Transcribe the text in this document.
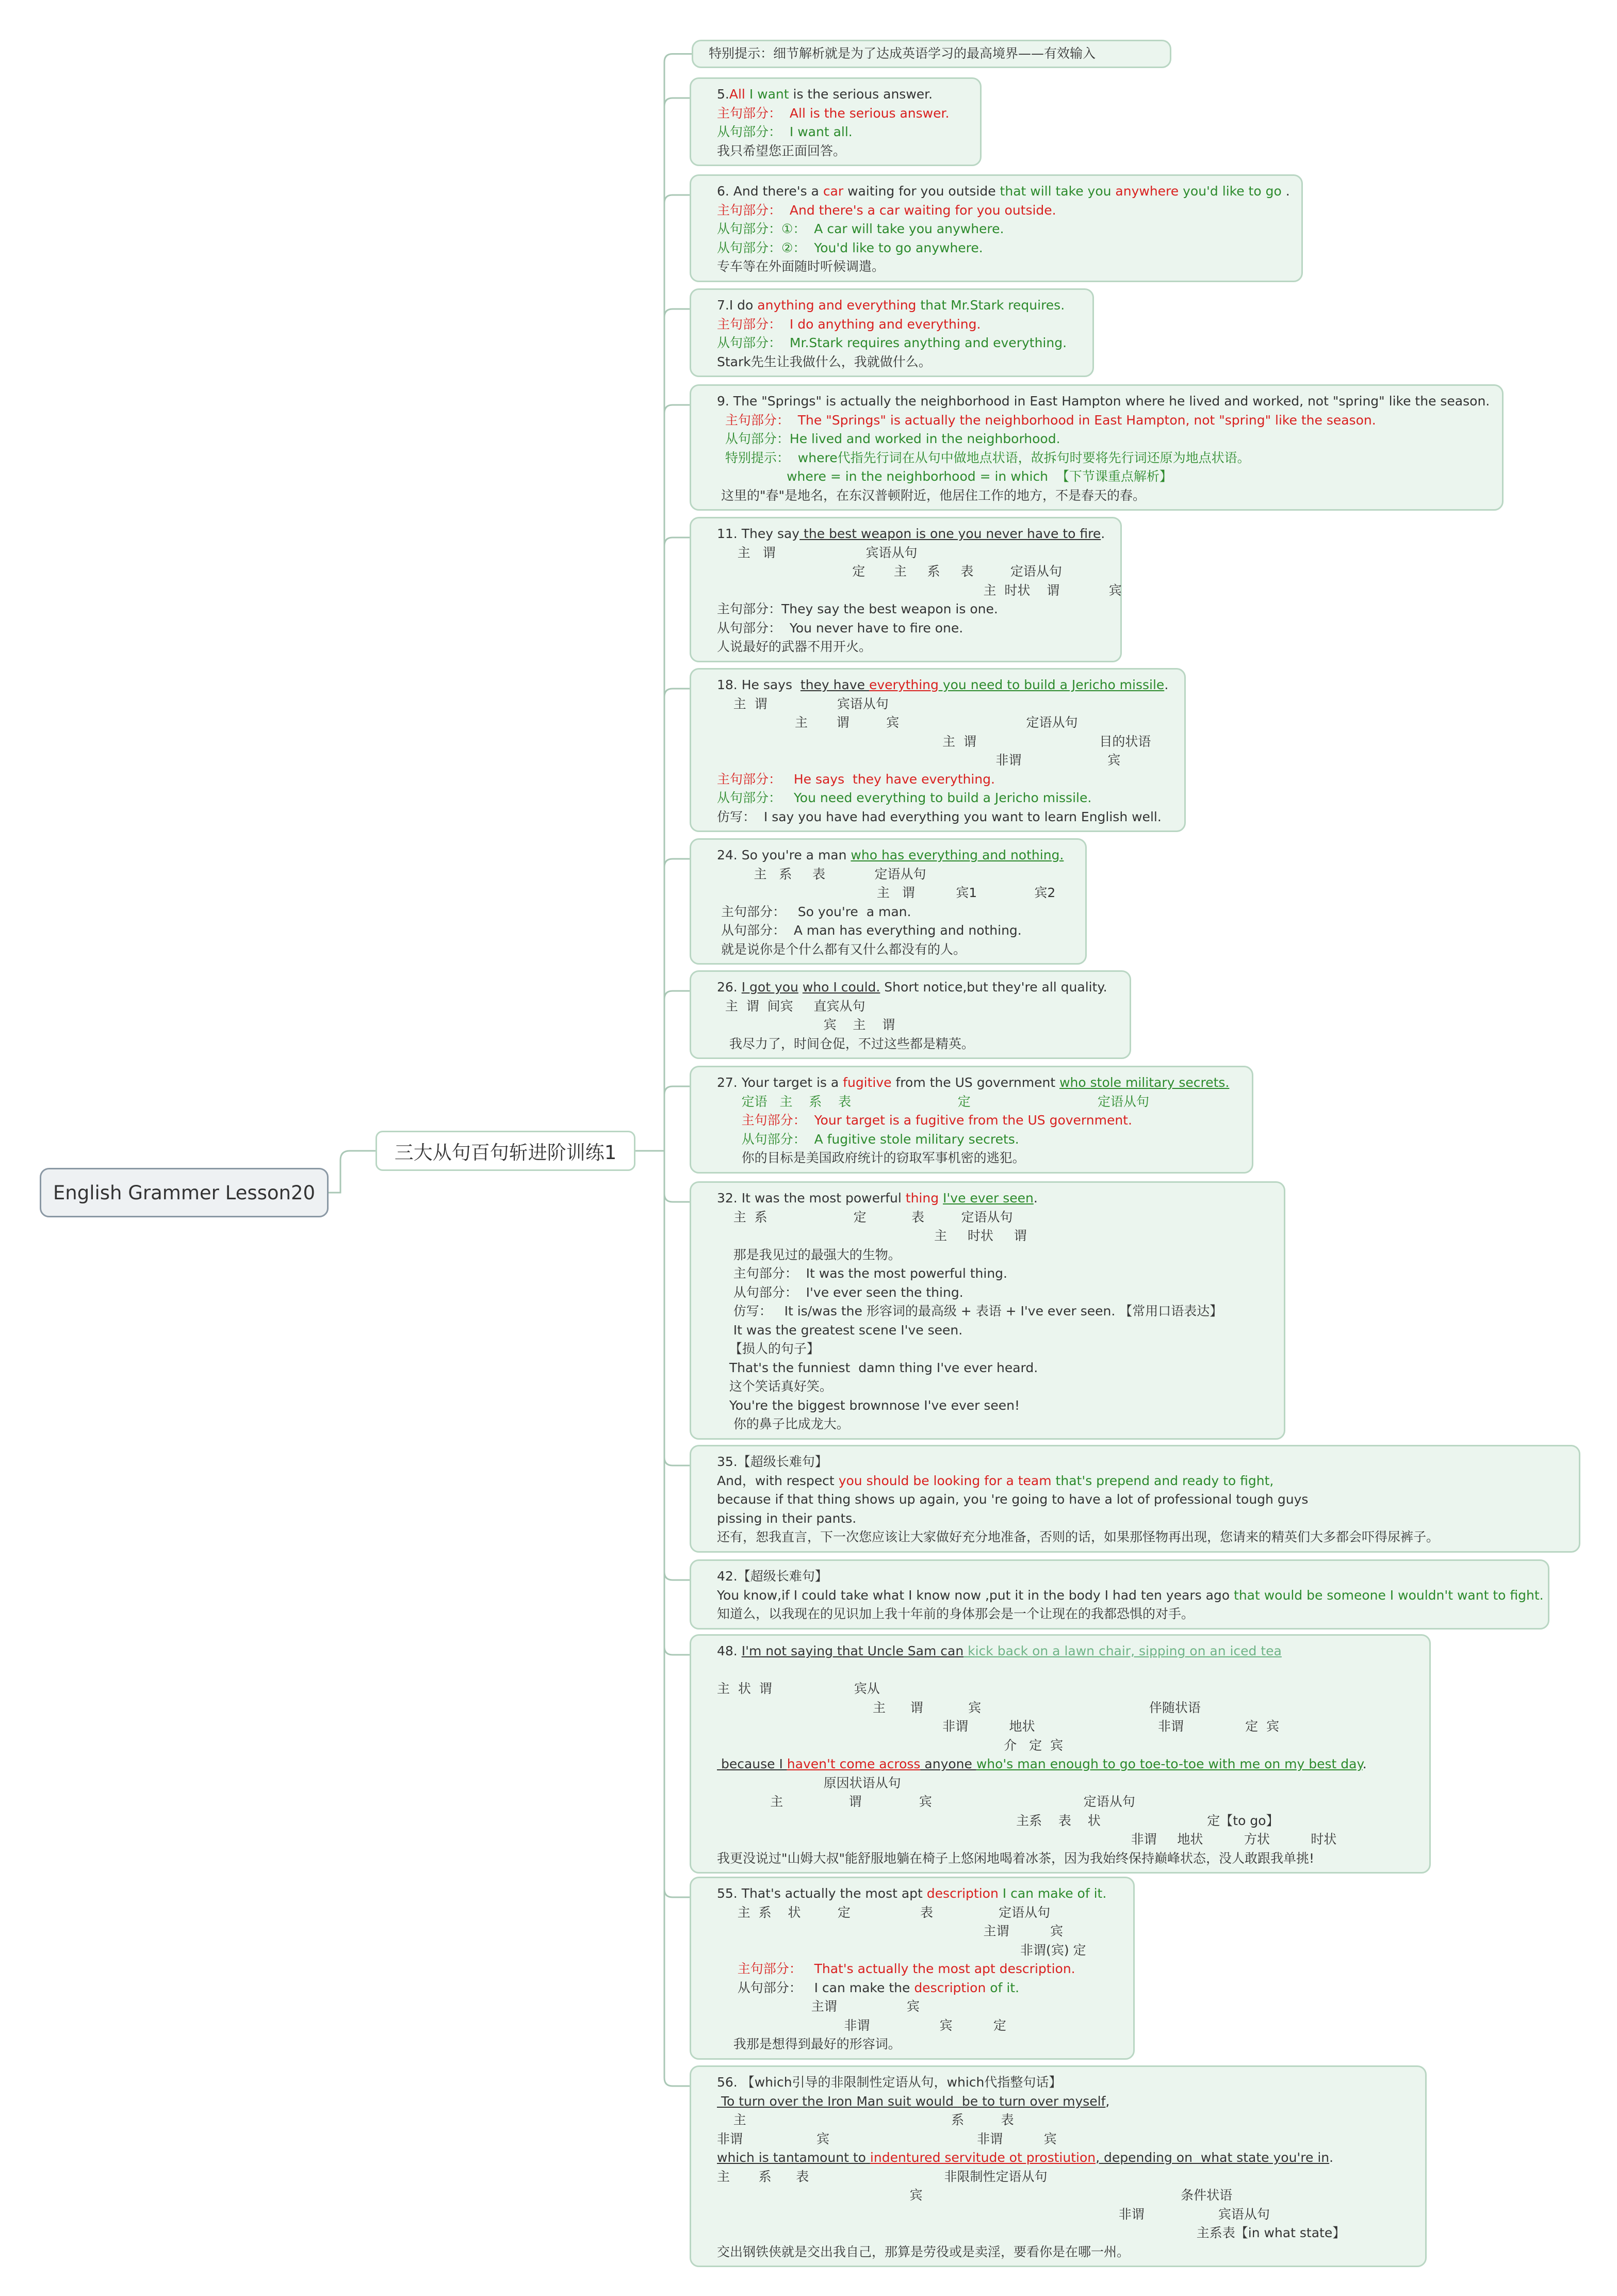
English Grammer Lesson20
三大从句百句斩进阶训练1
特别提示：细节解析就是为了达成英语学习的最高境界——有效输入
5.All I want is the serious answer.
主句部分：  All is the serious answer.
从句部分：  I want all.
我只希望您正面回答。
6. And there's a car waiting for you outside that will take you anywhere you'd like to go .
主句部分：  And there's a car waiting for you outside.
从句部分：①：  A car will take you anywhere.
从句部分：②：  You'd like to go anywhere.
专车等在外面随时听候调遣。
7.I do anything and everything that Mr.Stark requires.
主句部分：  I do anything and everything.
从句部分：  Mr.Stark requires anything and everything.
Stark先生让我做什么，我就做什么。
9. The "Springs" is actually the neighborhood in East Hampton where he lived and worked, not "spring" like the season.
主句部分：  The "Springs" is actually the neighborhood in East Hampton, not "spring" like the season.
从句部分：He lived and worked in the neighborhood.
特别提示：  where代指先行词在从句中做地点状语，故拆句时要将先行词还原为地点状语。
where = in the neighborhood = in which  【下节课重点解析】
这里的"春"是地名，在东汉普顿附近，他居住工作的地方，不是春天的春。
11. They say the best weapon is one you never have to fire.
主   谓                      宾语从句
定       主     系     表         定语从句
主  时状    谓            宾
主句部分：They say the best weapon is one.
从句部分：  You never have to fire one.
人说最好的武器不用开火。
18. He says  they have everything you need to build a Jericho missile.
主  谓                 宾语从句
主       谓         宾                               定语从句
主  谓                              目的状语
非谓                     宾
主句部分：   He says  they have everything.
从句部分：   You need everything to build a Jericho missile.
仿写：  I say you have had everything you want to learn English well.
24. So you're a man who has everything and nothing.
主   系     表            定语从句
主   谓          宾1              宾2
主句部分：   So you're  a man.
从句部分：  A man has everything and nothing.
就是说你是个什么都有又什么都没有的人。
26. I got you who I could. Short notice,but they're all quality.
主  谓  间宾     直宾从句
宾    主    谓
我尽力了，时间仓促，不过这些都是精英。
27. Your target is a fugitive from the US government who stole military secrets.
定语   主    系    表                          定                               定语从句
主句部分：  Your target is a fugitive from the US government.
从句部分：  A fugitive stole military secrets.
你的目标是美国政府统计的窃取军事机密的逃犯。
32. It was the most powerful thing I've ever seen.
主  系                     定           表         定语从句
主     时状     谓
那是我见过的最强大的生物。
主句部分：  It was the most powerful thing.
从句部分：  I've ever seen the thing.
仿写：   It is/was the 形容词的最高级 + 表语 + I've ever seen. 【常用口语表达】
It was the greatest scene I've seen.
【损人的句子】
That's the funniest  damn thing I've ever heard.
这个笑话真好笑。
You're the biggest brownnose I've ever seen!
你的鼻子比成龙大。
35.【超级长难句】
And，with respect you should be looking for a team that's prepend and ready to fight,
because if that thing shows up again, you 're going to have a lot of professional tough guys
pissing in their pants.
还有，恕我直言，下一次您应该让大家做好充分地准备，否则的话，如果那怪物再出现，您请来的精英们大多都会吓得尿裤子。
42.【超级长难句】
You know,if I could take what I know now ,put it in the body I had ten years ago that would be someone I wouldn't want to fight.
知道么，以我现在的见识加上我十年前的身体那会是一个让现在的我都恐惧的对手。
48. I'm not saying that Uncle Sam can kick back on a lawn chair, sipping on an iced tea
主  状  谓                    宾从
主      谓           宾                                         伴随状语
非谓          地状                              非谓               定  宾
介   定  宾
because I haven't come across anyone who's man enough to go toe-to-toe with me on my best day.
原因状语从句
主                谓              宾                                     定语从句
主系    表    状                          定【to go】
非谓     地状          方状          时状
我更没说过"山姆大叔"能舒服地躺在椅子上悠闲地喝着冰茶，因为我始终保持巅峰状态，没人敢跟我单挑!
55. That's actually the most apt description I can make of it.
主  系    状         定                 表                定语从句
主谓          宾
非谓(宾) 定
主句部分：   That's actually the most apt description.
从句部分：   I can make the description of it.
主谓                 宾
非谓                 宾          定
我那是想得到最好的形容词。
56. 【which引导的非限制性定语从句，which代指整句话】
To turn over the Iron Man suit would  be to turn over myself,
主                                                  系         表
非谓                  宾                                    非谓          宾
which is tantamount to indentured servitude ot prostiution, depending on  what state you're in.
主       系      表                                 非限制性定语从句
宾                                                               条件状语
非谓                  宾语从句
主系表【in what state】
交出钢铁侠就是交出我自己，那算是劳役或是卖淫，要看你是在哪一州。
